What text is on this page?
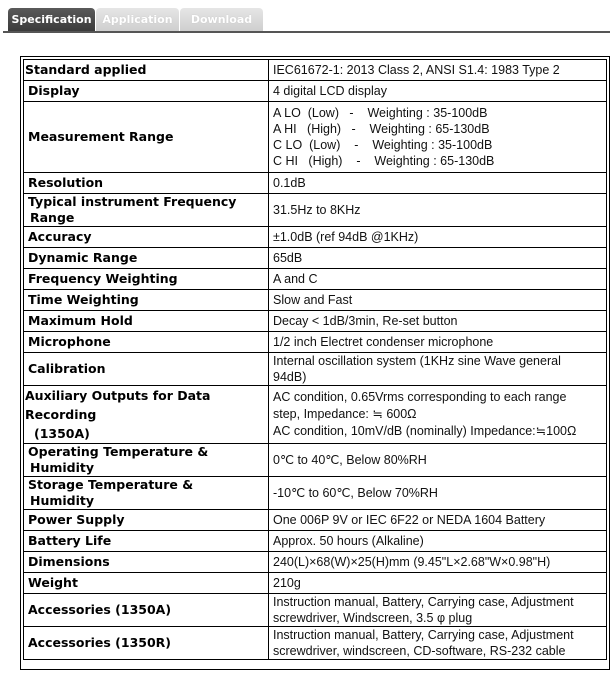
Specification Application	Download
Standard applied	IEC61672-1: 2013 Class 2, ANSI S1.4: 1983 Type 2
Display	4 digital LCD display
Measurement Range	A LO  (Low)   -    Weighting : 35-100dB
A HI   (High)   -    Weighting : 65-130dB
C LO  (Low)    -    Weighting : 35-100dB
C HI   (High)    -    Weighting : 65-130dB

Resolution	0.1dB

Typical instrument Frequency
Range	31.5Hz to 8KHz
Accuracy	±1.0dB (ref 94dB @1KHz)
Dynamic Range	65dB
Frequency Weighting	A and C
Time Weighting	Slow and Fast
Maximum Hold	Decay < 1dB/3min, Re-set button
Microphone	1/2 inch Electret condenser microphone
Calibration	Internal oscillation system (1KHz sine Wave general
94dB)

Auxiliary Outputs for Data
Recording
(1350A)	AC condition, 0.65Vrms corresponding to each range
step, Impedance: ≒ 600Ω
AC condition, 10mV/dB (nominally) Impedance:≒100Ω

Operating Temperature &
Humidity	0℃ to 40℃, Below 80%RH

Storage Temperature &
Humidity	-10℃ to 60℃, Below 70%RH
Power Supply	One 006P 9V or IEC 6F22 or NEDA 1604 Battery
Battery Life	Approx. 50 hours (Alkaline)
Dimensions	240(L)×68(W)×25(H)mm (9.45"L×2.68"W×0.98"H)
Weight	210g
Accessories (1350A)	Instruction manual, Battery, Carrying case, Adjustment
screwdriver, Windscreen, 3.5 φ plug

Accessories (1350R)	Instruction manual, Battery, Carrying case, Adjustment
screwdriver, windscreen, CD-software, RS-232 cable
